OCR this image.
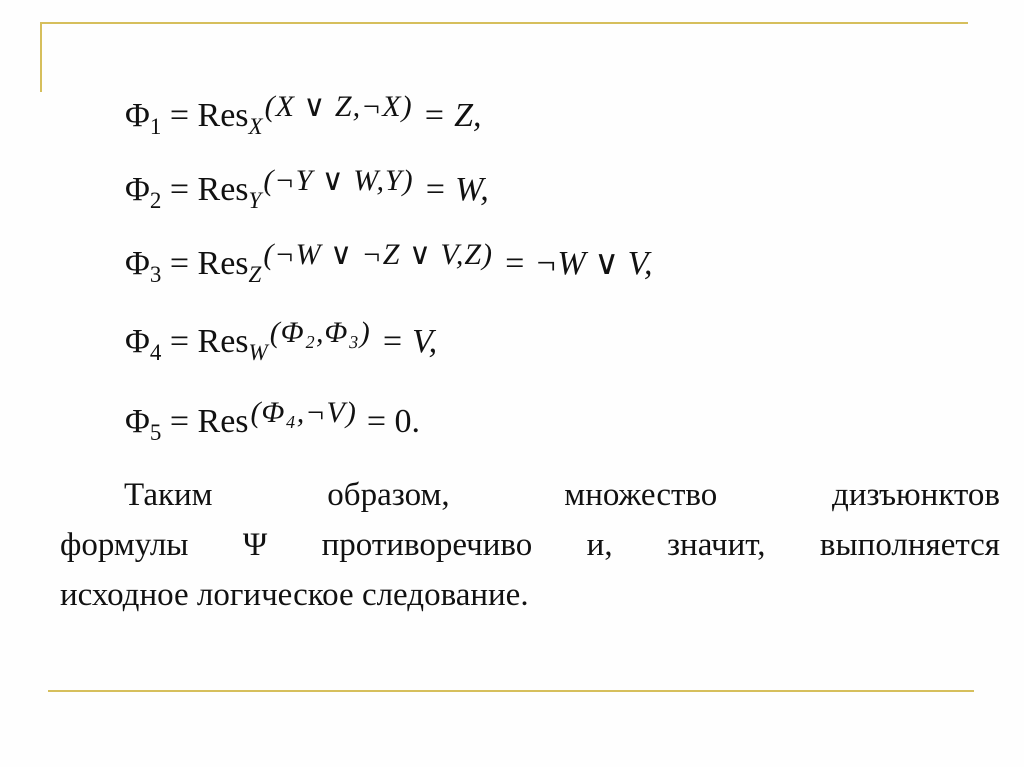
$\Phi_1 = Res_X(X$ ∨ Z,¬X) = Z,
$\Phi_2$ = Res$_Y$(¬Y ∨ W,Y) = W,
$\Phi_3$ = Res$_Z$(¬W ∨ ¬Z ∨ V,Z) = ¬W ∨ V,
$\Phi_4 = Res_W(\Phi_2,\Phi_3) = V$,
$\Phi_5$ = Res(Φ₄,¬V) = 0.

Таким образом, множество дизъюнктов
формулы Ψ противоречиво и, значит, выполняется
исходное логическое следование.
